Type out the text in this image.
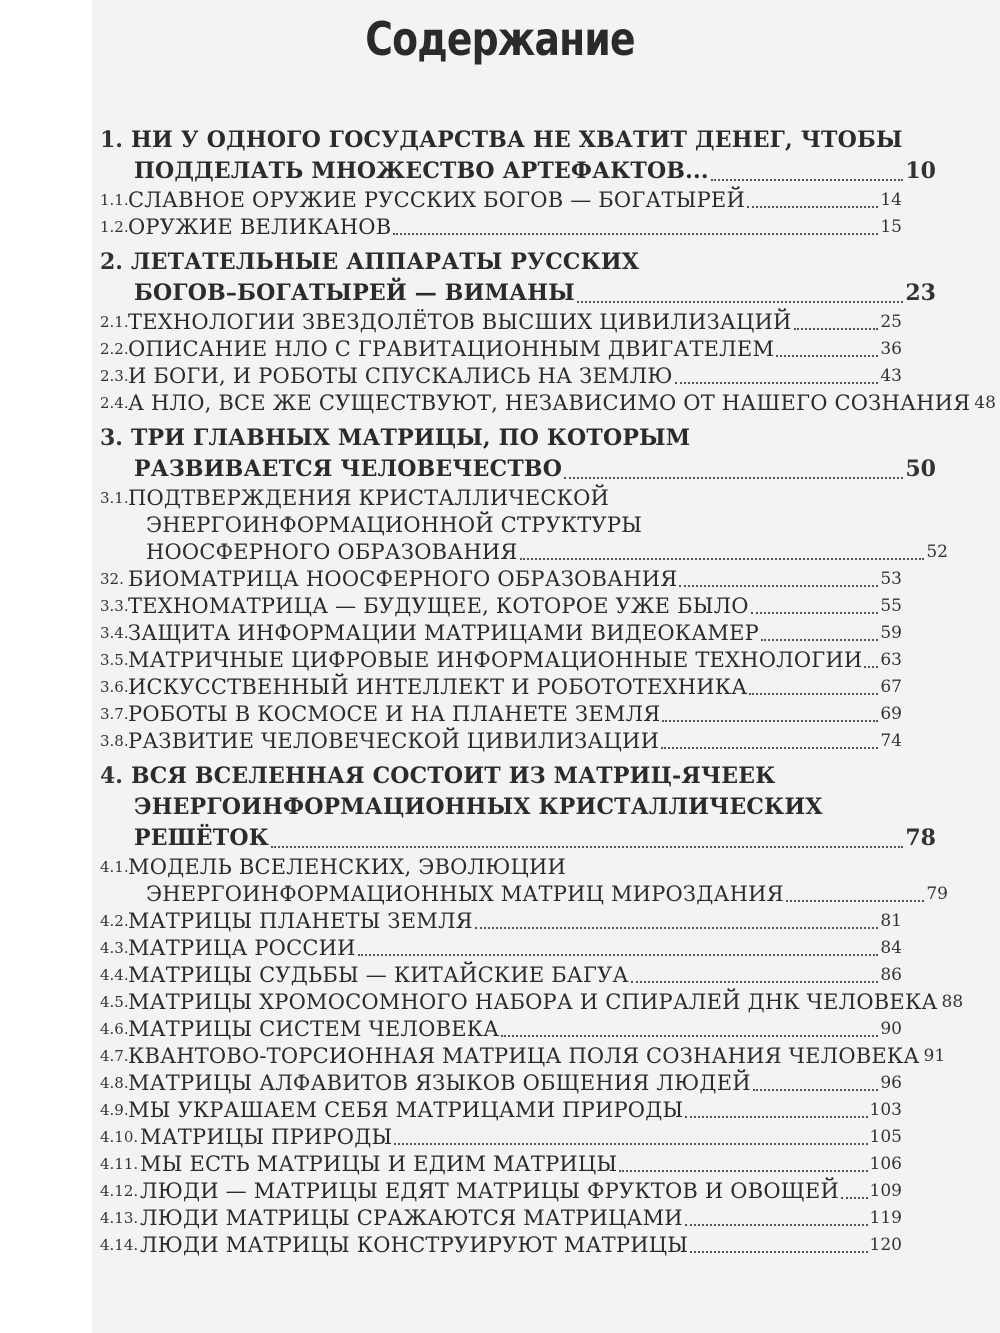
Содержание
1. НИ У ОДНОГО ГОСУДАРСТВА НЕ ХВАТИТ ДЕНЕГ, ЧТОБЫ
ПОДДЕЛАТЬ МНОЖЕСТВО АРТЕФАКТОВ...	10
1.1. СЛАВНОЕ ОРУЖИЕ РУССКИХ БОГОВ — БОГАТЫРЕЙ	14
1.2. ОРУЖИЕ ВЕЛИКАНОВ	15
2. ЛЕТАТЕЛЬНЫЕ АППАРАТЫ РУССКИХ
БОГОВ–БОГАТЫРЕЙ — ВИМАНЫ	23
2.1. ТЕХНОЛОГИИ ЗВЕЗДОЛЁТОВ ВЫСШИХ ЦИВИЛИЗАЦИЙ	25
2.2. ОПИСАНИЕ НЛО С ГРАВИТАЦИОННЫМ ДВИГАТЕЛЕМ	36
2.3. И БОГИ, И РОБОТЫ СПУСКАЛИСЬ НА ЗЕМЛЮ	43
2.4. А НЛО, ВСЕ ЖЕ СУЩЕСТВУЮТ, НЕЗАВИСИМО ОТ НАШЕГО СОЗНАНИЯ 48
3. ТРИ ГЛАВНЫХ МАТРИЦЫ, ПО КОТОРЫМ
РАЗВИВАЕТСЯ ЧЕЛОВЕЧЕСТВО	50
3.1. ПОДТВЕРЖДЕНИЯ КРИСТАЛЛИЧЕСКОЙ
ЭНЕРГОИНФОРМАЦИОННОЙ СТРУКТУРЫ
НООСФЕРНОГО ОБРАЗОВАНИЯ	52
32. БИОМАТРИЦА НООСФЕРНОГО ОБРАЗОВАНИЯ	53
3.3. ТЕХНОМАТРИЦА — БУДУЩЕЕ, КОТОРОЕ УЖЕ БЫЛО	55
3.4. ЗАЩИТА ИНФОРМАЦИИ МАТРИЦАМИ ВИДЕОКАМЕР	59
3.5. МАТРИЧНЫЕ ЦИФРОВЫЕ ИНФОРМАЦИОННЫЕ ТЕХНОЛОГИИ 63
3.6. ИСКУССТВЕННЫЙ ИНТЕЛЛЕКТ И РОБОТОТЕХНИКА	67
3.7. РОБОТЫ В КОСМОСЕ И НА ПЛАНЕТЕ ЗЕМЛЯ	69
3.8. РАЗВИТИЕ ЧЕЛОВЕЧЕСКОЙ ЦИВИЛИЗАЦИИ	74
4. ВСЯ ВСЕЛЕННАЯ СОСТОИТ ИЗ МАТРИЦ-ЯЧЕЕК
ЭНЕРГОИНФОРМАЦИОННЫХ КРИСТАЛЛИЧЕСКИХ
РЕШЁТОК	78
4.1. МОДЕЛЬ ВСЕЛЕНСКИХ, ЭВОЛЮЦИИ
ЭНЕРГОИНФОРМАЦИОННЫХ МАТРИЦ МИРОЗДАНИЯ	79
4.2. МАТРИЦЫ ПЛАНЕТЫ ЗЕМЛЯ	81
4.3. МАТРИЦА РОССИИ	84
4.4. МАТРИЦЫ СУДЬБЫ — КИТАЙСКИЕ БАГУА	86
4.5. МАТРИЦЫ ХРОМОСОМНОГО НАБОРА И СПИРАЛЕЙ ДНК ЧЕЛОВЕКА 88
4.6. МАТРИЦЫ СИСТЕМ ЧЕЛОВЕКА	90
4.7. КВАНТОВО-ТОРСИОННАЯ МАТРИЦА ПОЛЯ СОЗНАНИЯ ЧЕЛОВЕКА 91
4.8. МАТРИЦЫ АЛФАВИТОВ ЯЗЫКОВ ОБЩЕНИЯ ЛЮДЕЙ	96
4.9. МЫ УКРАШАЕМ СЕБЯ МАТРИЦАМИ ПРИРОДЫ	103
4.10. МАТРИЦЫ ПРИРОДЫ	105
4.11. МЫ ЕСТЬ МАТРИЦЫ И ЕДИМ МАТРИЦЫ	106
4.12. ЛЮДИ — МАТРИЦЫ ЕДЯТ МАТРИЦЫ ФРУКТОВ И ОВОЩЕЙ 109
4.13. ЛЮДИ МАТРИЦЫ СРАЖАЮТСЯ МАТРИЦАМИ	119
4.14. ЛЮДИ МАТРИЦЫ КОНСТРУИРУЮТ МАТРИЦЫ	120
